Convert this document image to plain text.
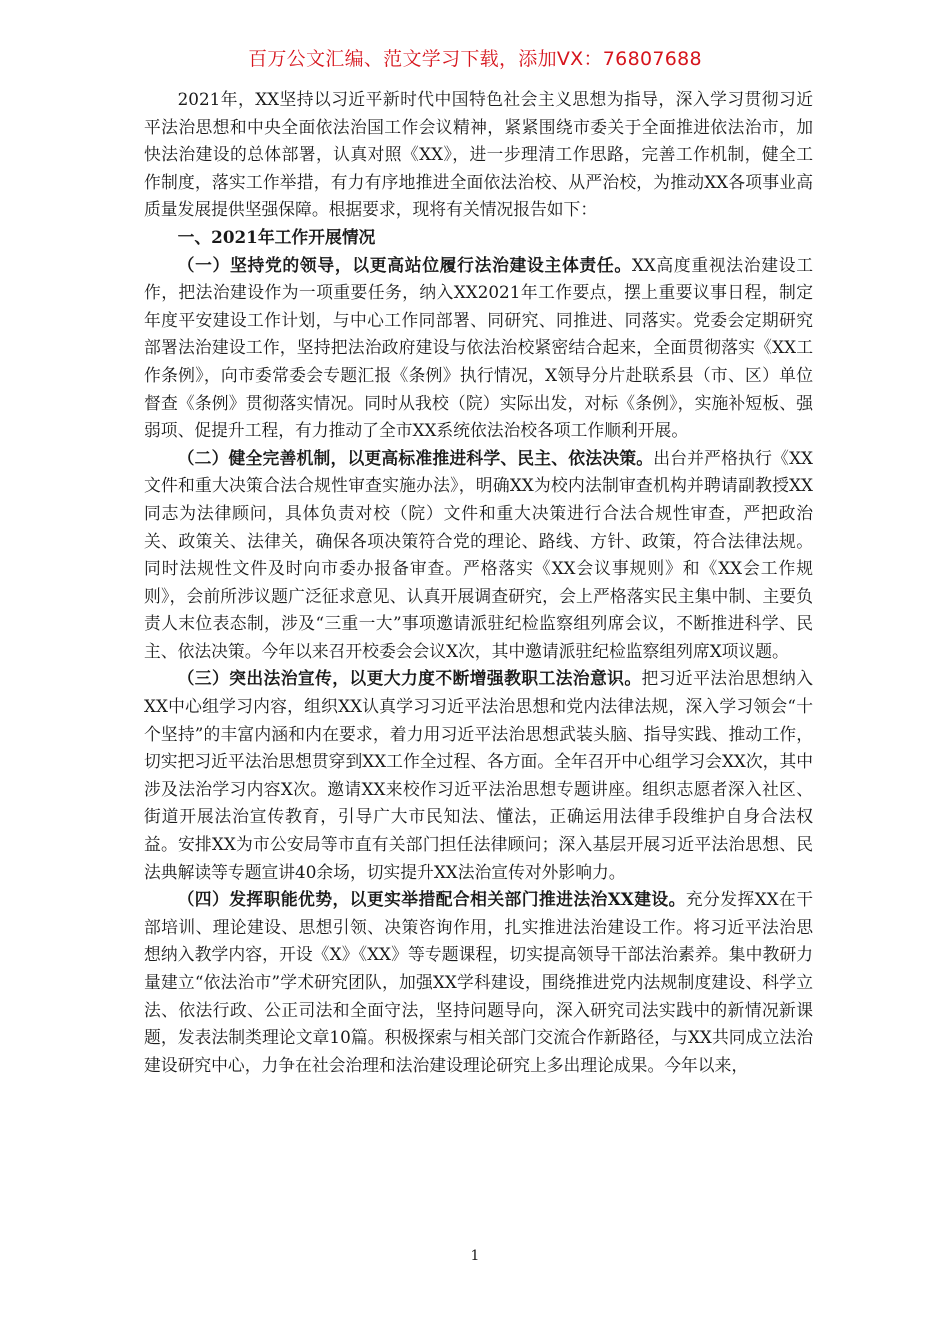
百万公文汇编、范文学习下载，添加VX：76807688

2021年，XX坚持以习近平新时代中国特色社会主义思想为指导，深入学习贯彻习近平法治思想和中央全面依法治国工作会议精神，紧紧围绕市委关于全面推进依法治市，加快法治建设的总体部署，认真对照《XX》，进一步理清工作思路，完善工作机制，健全工作制度，落实工作举措，有力有序地推进全面依法治校、从严治校，为推动XX各项事业高质量发展提供坚强保障。根据要求，现将有关情况报告如下：

一、2021年工作开展情况

（一）坚持党的领导，以更高站位履行法治建设主体责任。XX高度重视法治建设工作，把法治建设作为一项重要任务，纳入XX2021年工作要点，摆上重要议事日程，制定年度平安建设工作计划，与中心工作同部署、同研究、同推进、同落实。党委会定期研究部署法治建设工作，坚持把法治政府建设与依法治校紧密结合起来，全面贯彻落实《XX工作条例》，向市委常委会专题汇报《条例》执行情况，X领导分片赴联系县（市、区）单位督查《条例》贯彻落实情况。同时从我校（院）实际出发，对标《条例》，实施补短板、强弱项、促提升工程，有力推动了全市XX系统依法治校各项工作顺利开展。

（二）健全完善机制，以更高标准推进科学、民主、依法决策。出台并严格执行《XX文件和重大决策合法合规性审查实施办法》，明确XX为校内法制审查机构并聘请副教授XX同志为法律顾问，具体负责对校（院）文件和重大决策进行合法合规性审查，严把政治关、政策关、法律关，确保各项决策符合党的理论、路线、方针、政策，符合法律法规。同时法规性文件及时向市委办报备审查。严格落实《XX会议事规则》和《XX会工作规则》，会前所涉议题广泛征求意见、认真开展调查研究，会上严格落实民主集中制、主要负责人末位表态制，涉及“三重一大”事项邀请派驻纪检监察组列席会议，不断推进科学、民主、依法决策。今年以来召开校委会会议X次，其中邀请派驻纪检监察组列席X项议题。

（三）突出法治宣传，以更大力度不断增强教职工法治意识。把习近平法治思想纳入XX中心组学习内容，组织XX认真学习习近平法治思想和党内法律法规，深入学习领会“十个坚持”的丰富内涵和内在要求，着力用习近平法治思想武装头脑、指导实践、推动工作，切实把习近平法治思想贯穿到XX工作全过程、各方面。全年召开中心组学习会XX次，其中涉及法治学习内容X次。邀请XX来校作习近平法治思想专题讲座。组织志愿者深入社区、街道开展法治宣传教育，引导广大市民知法、懂法，正确运用法律手段维护自身合法权益。安排XX为市公安局等市直有关部门担任法律顾问；深入基层开展习近平法治思想、民法典解读等专题宣讲40余场，切实提升XX法治宣传对外影响力。

（四）发挥职能优势，以更实举措配合相关部门推进法治XX建设。充分发挥XX在干部培训、理论建设、思想引领、决策咨询作用，扎实推进法治建设工作。将习近平法治思想纳入教学内容，开设《X》《XX》等专题课程，切实提高领导干部法治素养。集中教研力量建立“依法治市”学术研究团队，加强XX学科建设，围绕推进党内法规制度建设、科学立法、依法行政、公正司法和全面守法，坚持问题导向，深入研究司法实践中的新情况新课题，发表法制类理论文章10篇。积极探索与相关部门交流合作新路径，与XX共同成立法治建设研究中心，力争在社会治理和法治建设理论研究上多出理论成果。今年以来，

1
